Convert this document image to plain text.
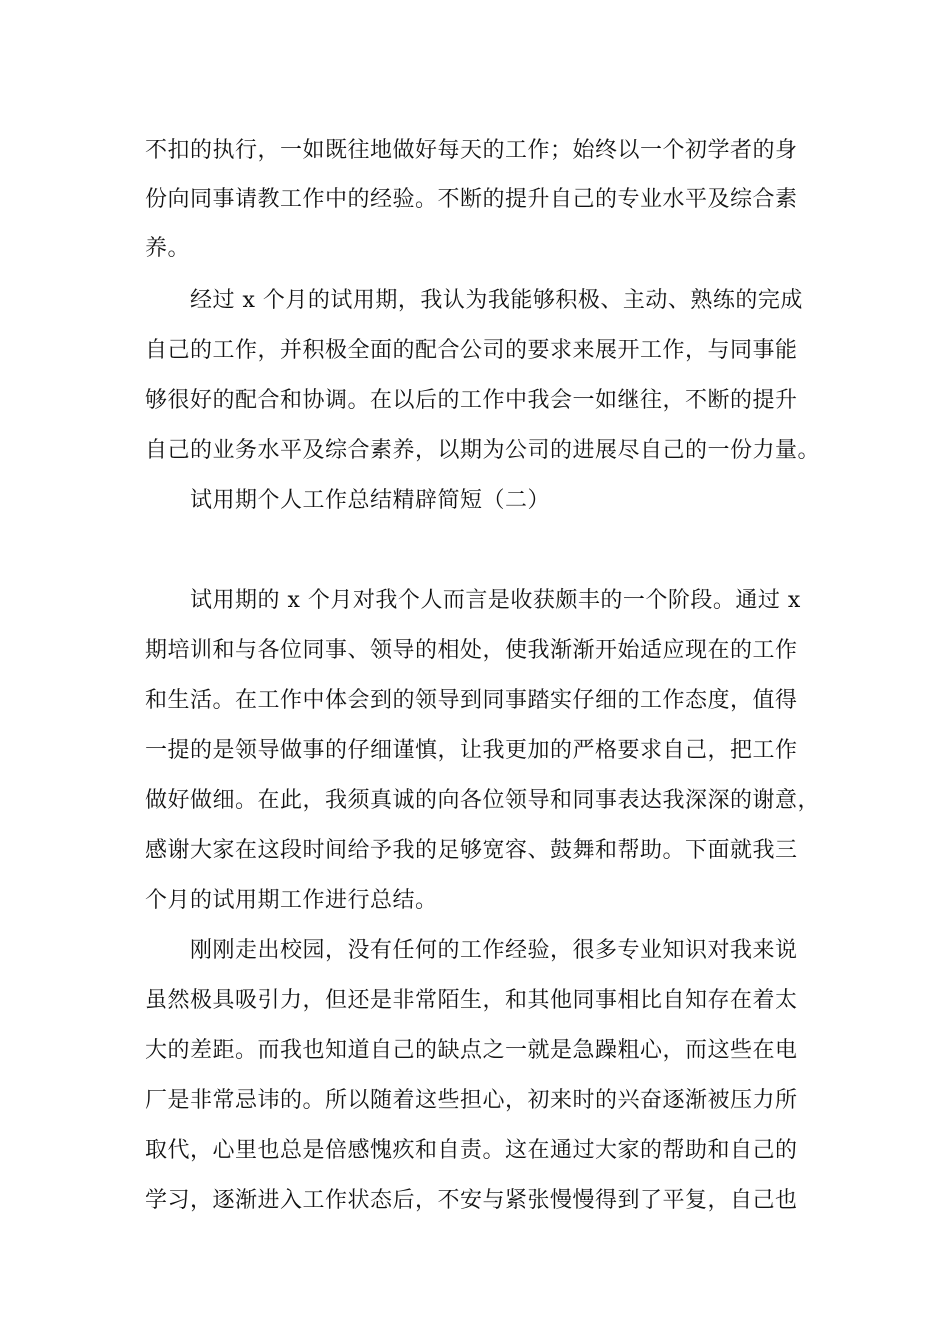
不扣的执行，一如既往地做好每天的工作；始终以一个初学者的身
份向同事请教工作中的经验。不断的提升自己的专业水平及综合素
养。
经过 x 个月的试用期，我认为我能够积极、主动、熟练的完成
自己的工作，并积极全面的配合公司的要求来展开工作，与同事能
够很好的配合和协调。在以后的工作中我会一如继往，不断的提升
自己的业务水平及综合素养，以期为公司的进展尽自己的一份力量。
试用期个人工作总结精辟简短（二）
试用期的 x 个月对我个人而言是收获颇丰的一个阶段。通过 x
期培训和与各位同事、领导的相处，使我渐渐开始适应现在的工作
和生活。在工作中体会到的领导到同事踏实仔细的工作态度，值得
一提的是领导做事的仔细谨慎，让我更加的严格要求自己，把工作
做好做细。在此，我须真诚的向各位领导和同事表达我深深的谢意，
感谢大家在这段时间给予我的足够宽容、鼓舞和帮助。下面就我三
个月的试用期工作进行总结。
刚刚走出校园，没有任何的工作经验，很多专业知识对我来说
虽然极具吸引力，但还是非常陌生，和其他同事相比自知存在着太
大的差距。而我也知道自己的缺点之一就是急躁粗心，而这些在电
厂是非常忌讳的。所以随着这些担心，初来时的兴奋逐渐被压力所
取代，心里也总是倍感愧疚和自责。这在通过大家的帮助和自己的
学习，逐渐进入工作状态后，不安与紧张慢慢得到了平复，自己也
